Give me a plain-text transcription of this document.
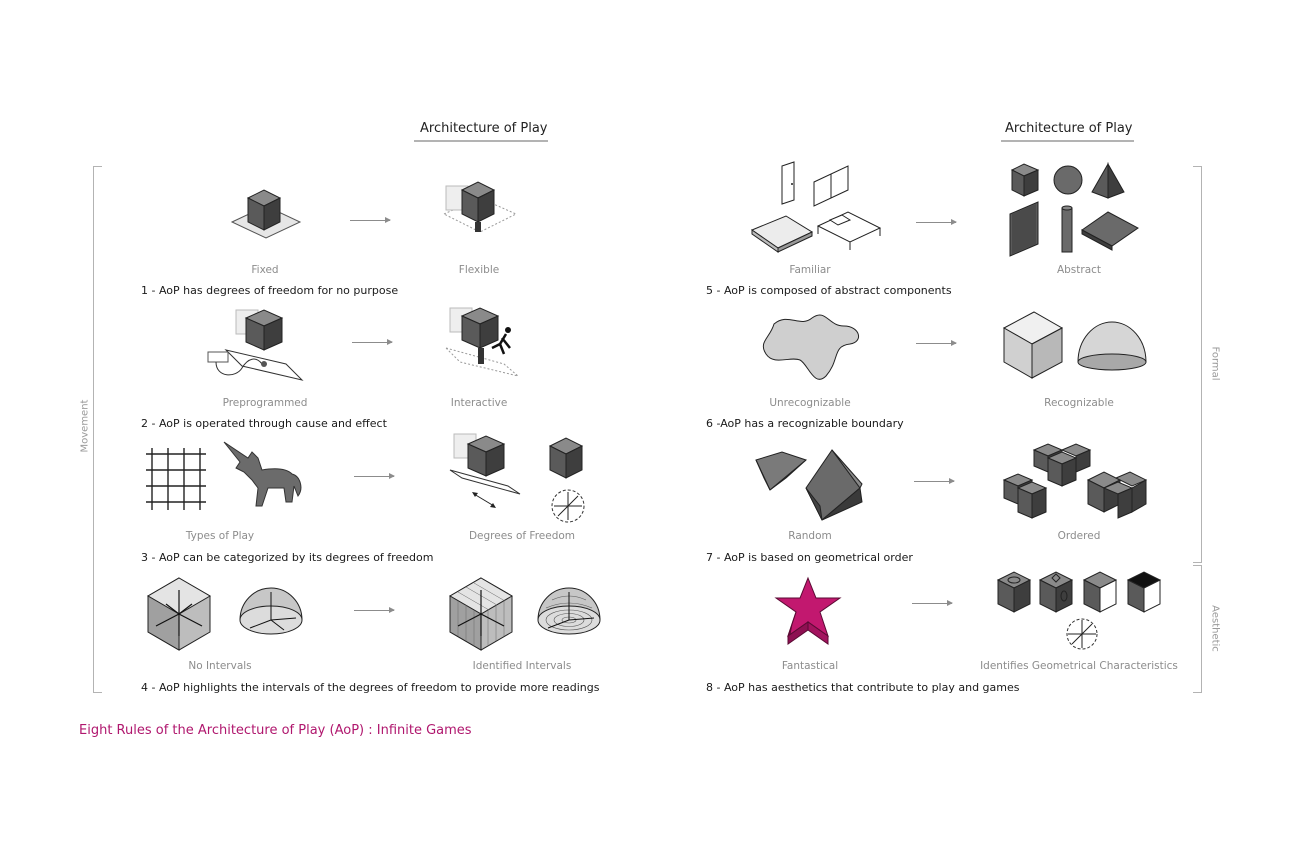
Architecture of Play	Architecture of Play
Movement
Formal
Aesthetic
Fixed	Flexible
1 - AoP has degrees of freedom for no purpose
Preprogrammed	Interactive
2 - AoP is operated through cause and effect
Types of Play	Degrees of Freedom
3 - AoP can be categorized by its degrees of freedom
No Intervals	Identified Intervals
4 - AoP highlights the intervals of the degrees of freedom to provide more readings
Familiar	Abstract
5 - AoP is composed of abstract components
Unrecognizable	Recognizable
6 -AoP has a recognizable boundary
Random	Ordered
7 - AoP is based on geometrical order
Fantastical	Identifies Geometrical Characteristics
8 - AoP has aesthetics that contribute to play and games
Eight Rules of the Architecture of Play (AoP) : Infinite Games
